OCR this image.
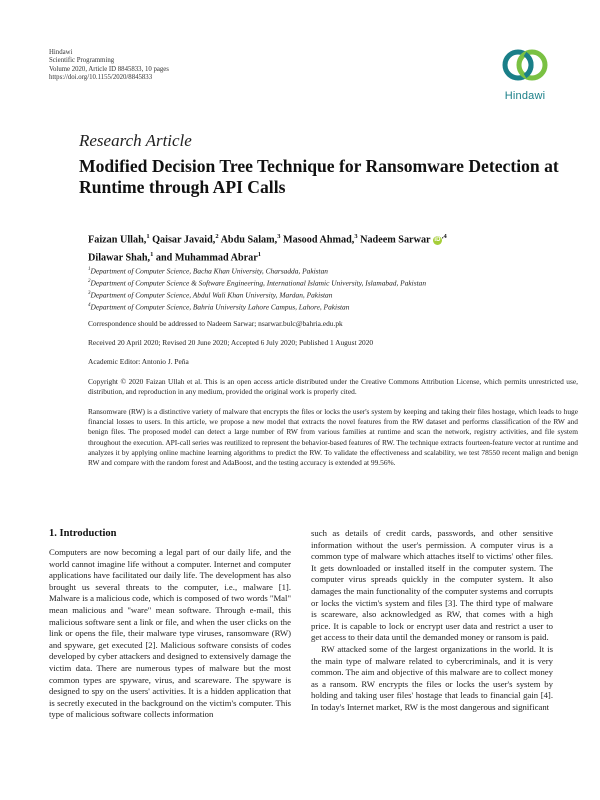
Hindawi
Scientific Programming
Volume 2020, Article ID 8845833, 10 pages
https://doi.org/10.1155/2020/8845833
Hindawi
Research Article
Modified Decision Tree Technique for Ransomware Detection at Runtime through API Calls
Faizan Ullah,$^1$ Qaisar Javaid,$^2$ Abdu Salam,$^3$ Masood Ahmad,$^3$ Nadeem Sarwar iD $^{,4}$
Dilawar Shah,$^1$ and Muhammad Abrar$^1$
$^1$Department of Computer Science, Bacha Khan University, Charsadda, Pakistan
$^2$Department of Computer Science & Software Engineering, International Islamic University, Islamabad, Pakistan
$^3$Department of Computer Science, Abdul Wali Khan University, Mardan, Pakistan
$^4$Department of Computer Science, Bahria University Lahore Campus, Lahore, Pakistan
Correspondence should be addressed to Nadeem Sarwar; nsarwar.bulc@bahria.edu.pk
Received 20 April 2020; Revised 20 June 2020; Accepted 6 July 2020; Published 1 August 2020
Academic Editor: Antonio J. Peña
Copyright © 2020 Faizan Ullah et al. This is an open access article distributed under the Creative Commons Attribution License, which permits unrestricted use, distribution, and reproduction in any medium, provided the original work is properly cited.
Ransomware (RW) is a distinctive variety of malware that encrypts the files or locks the user's system by keeping and taking their files hostage, which leads to huge financial losses to users. In this article, we propose a new model that extracts the novel features from the RW dataset and performs classification of the RW and benign files. The proposed model can detect a large number of RW from various families at runtime and scan the network, registry activities, and file system throughout the execution. API-call series was reutilized to represent the behavior-based features of RW. The technique extracts fourteen-feature vector at runtime and analyzes it by applying online machine learning algorithms to predict the RW. To validate the effectiveness and scalability, we test 78550 recent malign and benign RW and compare with the random forest and AdaBoost, and the testing accuracy is extended at 99.56%.
1. Introduction

Computers are now becoming a legal part of our daily life, and the world cannot imagine life without a computer. Internet and computer applications have facilitated our daily life. The development has also brought us several threats to the computer, i.e., malware [1]. Malware is a malicious code, which is composed of two words "Mal" mean malicious and "ware" mean software. Through e-mail, this malicious software sent a link or file, and when the user clicks on the link or opens the file, their malware type viruses, ransomware (RW) and spyware, get executed [2]. Malicious software consists of codes developed by cyber attackers and designed to extensively damage the victim data. There are numerous types of malware but the most common types are spyware, virus, and scareware. The spyware is designed to spy on the users' activities. It is a hidden application that is secretly executed in the background on the victim's computer. This type of malicious software collects information

such as details of credit cards, passwords, and other sensitive information without the user's permission. A computer virus is a common type of malware which attaches itself to victims' other files. It gets downloaded or installed itself in the computer system. The computer virus spreads quickly in the computer system. It also damages the main functionality of the computer systems and corrupts or locks the victim's system and files [3]. The third type of malware is scareware, also acknowledged as RW, that comes with a high price. It is capable to lock or encrypt user data and restrict a user to get access to their data until the demanded money or ransom is paid.

RW attacked some of the largest organizations in the world. It is the main type of malware related to cybercriminals, and it is very common. The aim and objective of this malware are to collect money as a ransom. RW encrypts the files or locks the user's system by holding and taking user files' hostage that leads to financial gain [4]. In today's Internet market, RW is the most dangerous and significant
